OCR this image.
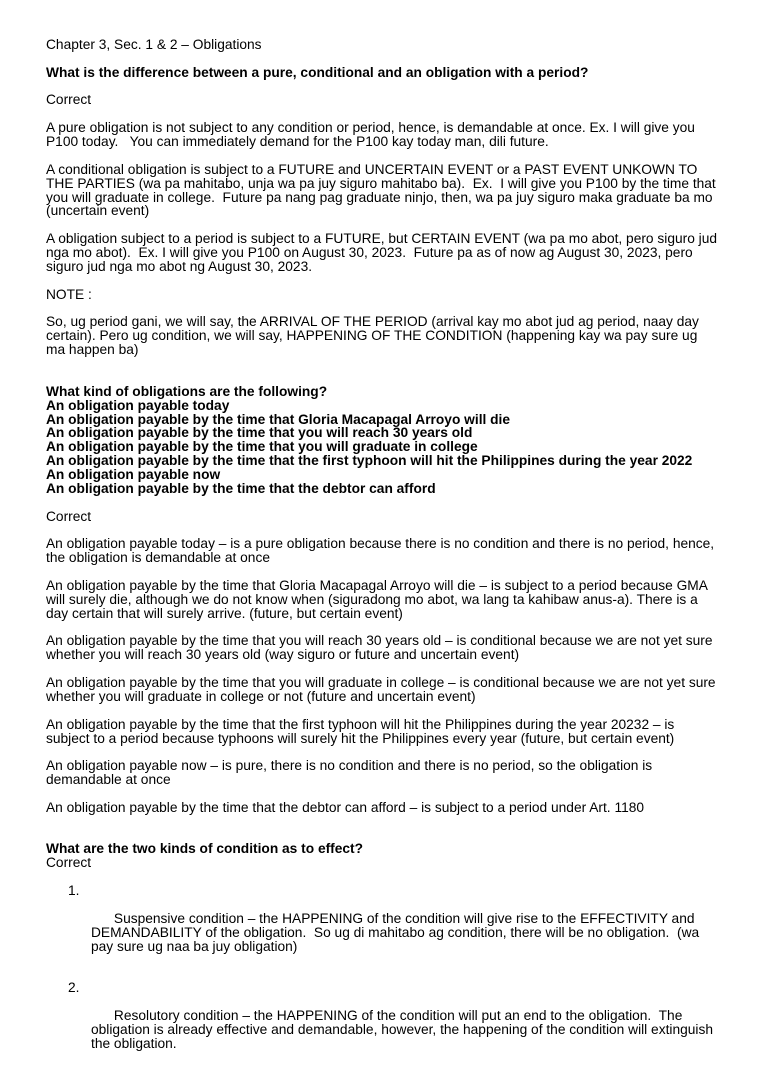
Chapter 3, Sec. 1 & 2 – Obligations
What is the difference between a pure, conditional and an obligation with a period?
Correct
A pure obligation is not subject to any condition or period, hence, is demandable at once. Ex. I will give you
P100 today.   You can immediately demand for the P100 kay today man, dili future.
A conditional obligation is subject to a FUTURE and UNCERTAIN EVENT or a PAST EVENT UNKOWN TO
THE PARTIES (wa pa mahitabo, unja wa pa juy siguro mahitabo ba).  Ex.  I will give you P100 by the time that
you will graduate in college.  Future pa nang pag graduate ninjo, then, wa pa juy siguro maka graduate ba mo
(uncertain event)
A obligation subject to a period is subject to a FUTURE, but CERTAIN EVENT (wa pa mo abot, pero siguro jud
nga mo abot).  Ex. I will give you P100 on August 30, 2023.  Future pa as of now ag August 30, 2023, pero
siguro jud nga mo abot ng August 30, 2023.
NOTE :
So, ug period gani, we will say, the ARRIVAL OF THE PERIOD (arrival kay mo abot jud ag period, naay day
certain). Pero ug condition, we will say, HAPPENING OF THE CONDITION (happening kay wa pay sure ug
ma happen ba)
What kind of obligations are the following?
An obligation payable today
An obligation payable by the time that Gloria Macapagal Arroyo will die
An obligation payable by the time that you will reach 30 years old
An obligation payable by the time that you will graduate in college
An obligation payable by the time that the first typhoon will hit the Philippines during the year 2022
An obligation payable now
An obligation payable by the time that the debtor can afford
Correct
An obligation payable today – is a pure obligation because there is no condition and there is no period, hence,
the obligation is demandable at once
An obligation payable by the time that Gloria Macapagal Arroyo will die – is subject to a period because GMA
will surely die, although we do not know when (siguradong mo abot, wa lang ta kahibaw anus-a). There is a
day certain that will surely arrive. (future, but certain event)
An obligation payable by the time that you will reach 30 years old – is conditional because we are not yet sure
whether you will reach 30 years old (way siguro or future and uncertain event)
An obligation payable by the time that you will graduate in college – is conditional because we are not yet sure
whether you will graduate in college or not (future and uncertain event)
An obligation payable by the time that the first typhoon will hit the Philippines during the year 20232 – is
subject to a period because typhoons will surely hit the Philippines every year (future, but certain event)
An obligation payable now – is pure, there is no condition and there is no period, so the obligation is
demandable at once
An obligation payable by the time that the debtor can afford – is subject to a period under Art. 1180
What are the two kinds of condition as to effect?
Correct

1.

Suspensive condition – the HAPPENING of the condition will give rise to the EFFECTIVITY and
DEMANDABILITY of the obligation.  So ug di mahitabo ag condition, there will be no obligation.  (wa
pay sure ug naa ba juy obligation)

2.

Resolutory condition – the HAPPENING of the condition will put an end to the obligation.  The
obligation is already effective and demandable, however, the happening of the condition will extinguish
the obligation.
